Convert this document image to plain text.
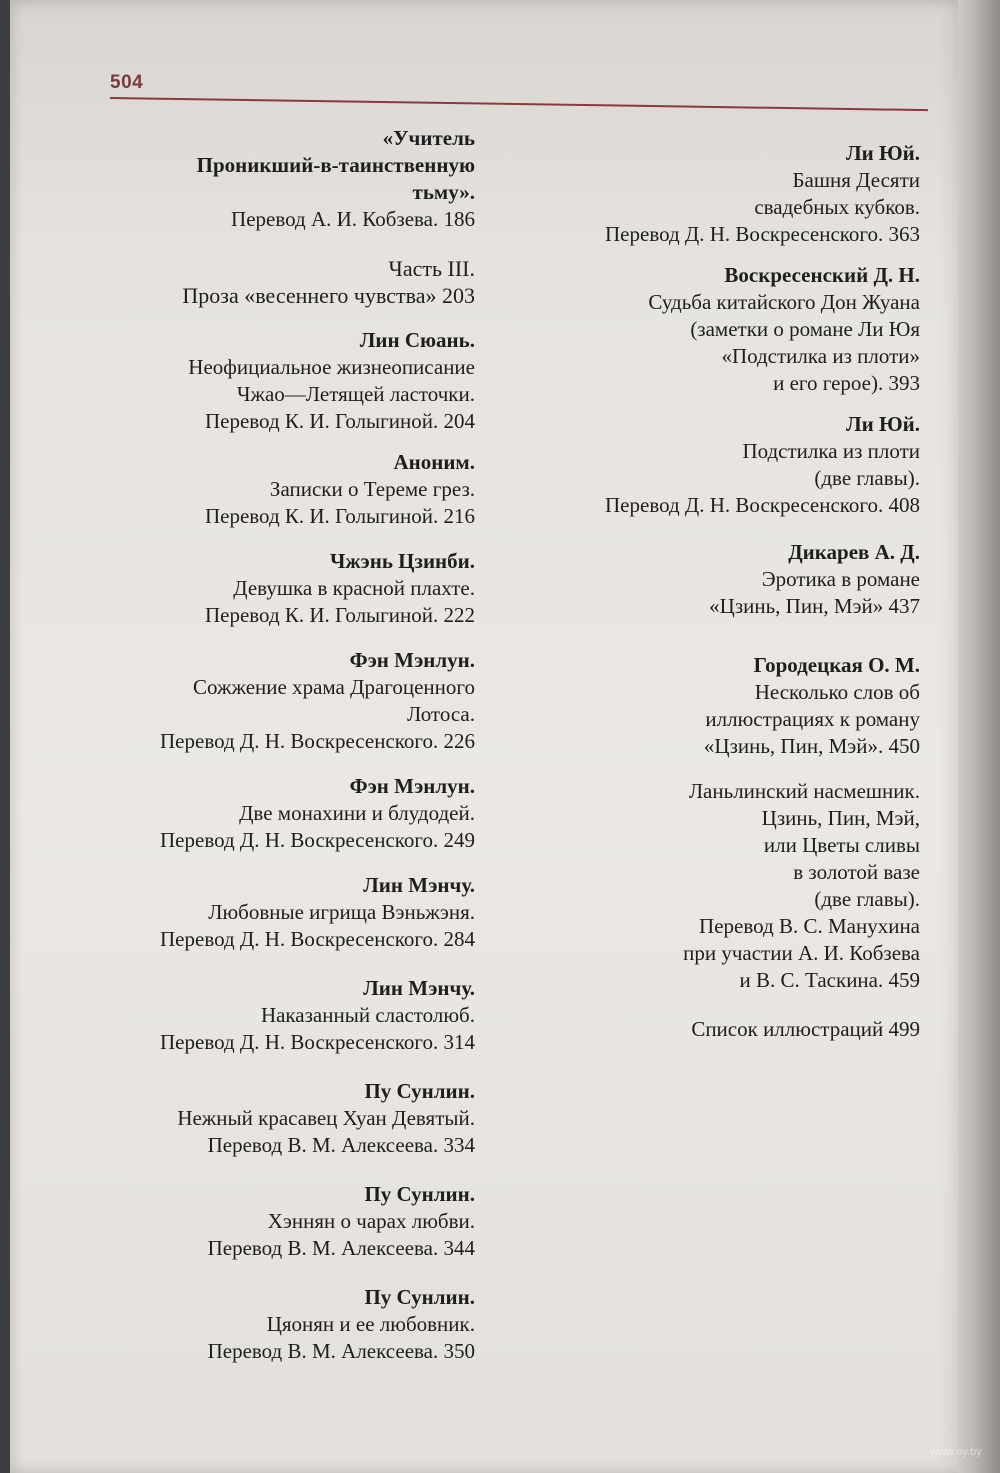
504
«Учитель
Проникший-в-таинственную
тьму».
Перевод А. И. Кобзева. 186
Часть III.
Проза «весеннего чувства» 203
Лин Сюань.
Неофициальное жизнеописание
Чжао—Летящей ласточки.
Перевод К. И. Голыгиной. 204
Аноним.
Записки о Тереме грез.
Перевод К. И. Голыгиной. 216
Чжэнь Цзинби.
Девушка в красной плахте.
Перевод К. И. Голыгиной. 222
Фэн Мэнлун.
Сожжение храма Драгоценного
Лотоса.
Перевод Д. Н. Воскресенского. 226
Фэн Мэнлун.
Две монахини и блудодей.
Перевод Д. Н. Воскресенского. 249
Лин Мэнчу.
Любовные игрища Вэньжэня.
Перевод Д. Н. Воскресенского. 284
Лин Мэнчу.
Наказанный сластолюб.
Перевод Д. Н. Воскресенского. 314
Пу Сунлин.
Нежный красавец Хуан Девятый.
Перевод В. М. Алексеева. 334
Пу Сунлин.
Хэннян о чарах любви.
Перевод В. М. Алексеева. 344
Пу Сунлин.
Цяонян и ее любовник.
Перевод В. М. Алексеева. 350
Ли Юй.
Башня Десяти
свадебных кубков.
Перевод Д. Н. Воскресенского. 363
Воскресенский Д. Н.
Судьба китайского Дон Жуана
(заметки о романе Ли Юя
«Подстилка из плоти»
и его герое). 393
Ли Юй.
Подстилка из плоти
(две главы).
Перевод Д. Н. Воскресенского. 408
Дикарев А. Д.
Эротика в романе
«Цзинь, Пин, Мэй» 437
Городецкая О. М.
Несколько слов об
иллюстрациях к роману
«Цзинь, Пин, Мэй». 450
Ланьлинский насмешник.
Цзинь, Пин, Мэй,
или Цветы сливы
в золотой вазе
(две главы).
Перевод В. С. Манухина
при участии А. И. Кобзева
и В. С. Таскина. 459
Список иллюстраций 499
www.ay.by
